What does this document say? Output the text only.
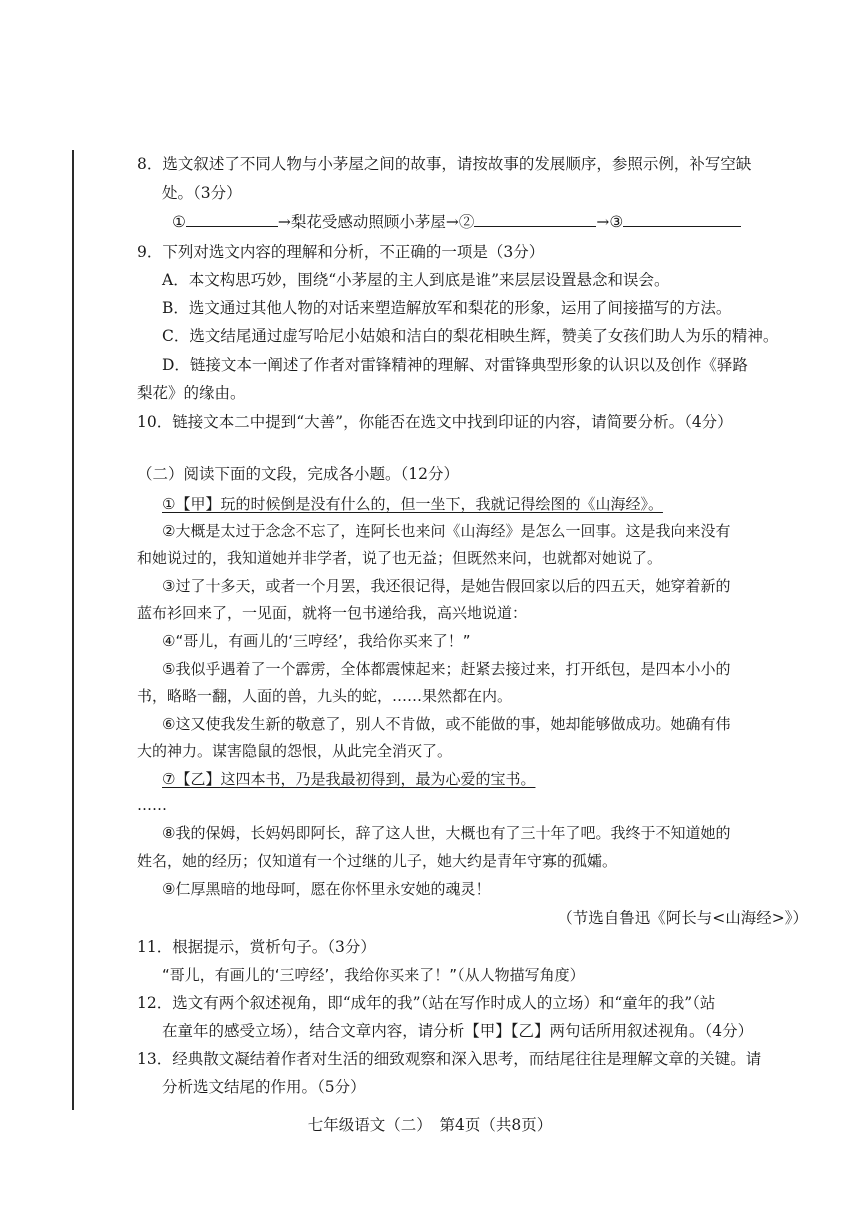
8．选文叙述了不同人物与小茅屋之间的故事，请按故事的发展顺序，参照示例，补写空缺
处。（3分）
①	→梨花受感动照顾小茅屋→②	→③
9．下列对选文内容的理解和分析，不正确的一项是（3分）
A．本文构思巧妙，围绕“小茅屋的主人到底是谁”来层层设置悬念和误会。
B．选文通过其他人物的对话来塑造解放军和梨花的形象，运用了间接描写的方法。
C．选文结尾通过虚写哈尼小姑娘和洁白的梨花相映生辉，赞美了女孩们助人为乐的精神。
D．链接文本一阐述了作者对雷锋精神的理解、对雷锋典型形象的认识以及创作《驿路
梨花》的缘由。
10．链接文本二中提到“大善”，你能否在选文中找到印证的内容，请简要分析。（4分）
（二）阅读下面的文段，完成各小题。（12分）
①【甲】玩的时候倒是没有什么的，但一坐下，我就记得绘图的《山海经》。
②大概是太过于念念不忘了，连阿长也来问《山海经》是怎么一回事。这是我向来没有
和她说过的，我知道她并非学者，说了也无益；但既然来问，也就都对她说了。
③过了十多天，或者一个月罢，我还很记得，是她告假回家以后的四五天，她穿着新的
蓝布衫回来了，一见面，就将一包书递给我，高兴地说道：
④“哥儿，有画儿的‘三哼经’，我给你买来了！”
⑤我似乎遇着了一个霹雳，全体都震悚起来；赶紧去接过来，打开纸包，是四本小小的
书，略略一翻，人面的兽，九头的蛇，……果然都在内。
⑥这又使我发生新的敬意了，别人不肯做，或不能做的事，她却能够做成功。她确有伟
大的神力。谋害隐鼠的怨恨，从此完全消灭了。
⑦【乙】这四本书，乃是我最初得到，最为心爱的宝书。
……
⑧我的保姆，长妈妈即阿长，辞了这人世，大概也有了三十年了吧。我终于不知道她的
姓名，她的经历；仅知道有一个过继的儿子，她大约是青年守寡的孤孀。
⑨仁厚黑暗的地母呵，愿在你怀里永安她的魂灵！
（节选自鲁迅《阿长与<山海经>》）
11．根据提示，赏析句子。（3分）
“哥儿，有画儿的‘三哼经’，我给你买来了！”（从人物描写角度）
12．选文有两个叙述视角，即“成年的我”（站在写作时成人的立场）和“童年的我”（站
在童年的感受立场），结合文章内容，请分析【甲】【乙】两句话所用叙述视角。（4分）
13．经典散文凝结着作者对生活的细致观察和深入思考，而结尾往往是理解文章的关键。请
分析选文结尾的作用。（5分）
七年级语文（二）　第4页（共8页）
